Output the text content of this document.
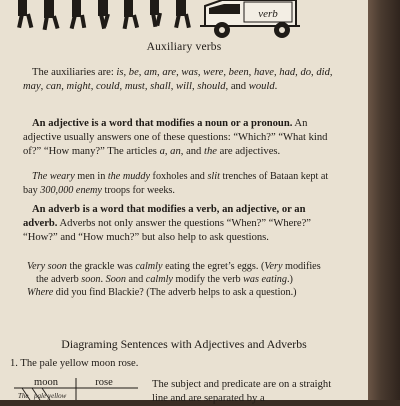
verb

Auxiliary verbs

The auxiliaries are: is, be, am, are, was, were, been, have, had, do, did, may, can, might, could, must, shall, will, should, and would.

An adjective is a word that modifies a noun or a pronoun. An adjective usually answers one of these questions: “Which?” “What kind of?” “How many?” The articles a, an, and the are adjectives.

The weary men in the muddy foxholes and slit trenches of Bataan kept at bay 300,000 enemy troops for weeks.

An adverb is a word that modifies a verb, an adjective, or an adverb. Adverbs not only answer the questions “When?” “Where?” “How?” and “How much?” but also help to ask questions.

Very soon the grackle was calmly eating the egret’s eggs. (Very modifies the adverb soon. Soon and calmly modify the verb was eating.)
Where did you find Blackie? (The adverb helps to ask a question.)

Diagraming Sentences with Adjectives and Adverbs

1. The pale yellow moon rose.

moon	rose
The pale yellow

The subject and predicate are on a straight line and are separated by a
